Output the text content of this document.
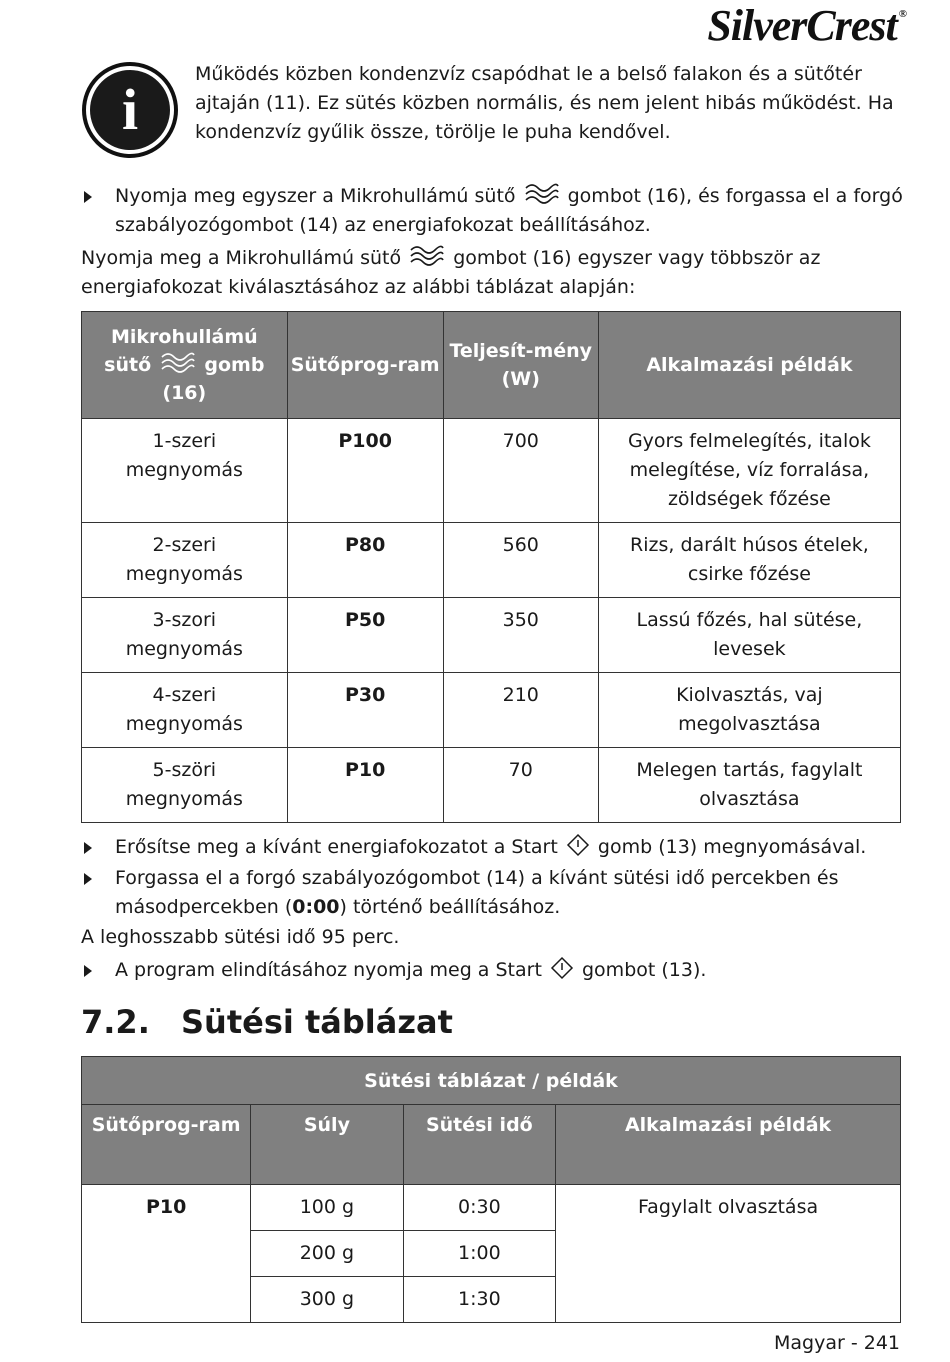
SilverCrest ®
i
Működés közben kondenzvíz csapódhat le a belső falakon és a sütőtér ajtaján (11). Ez sütés közben normális, és nem jelent hibás működést. Ha kondenzvíz gyűlik össze, törölje le puha kendővel.
Nyomja meg egyszer a Mikrohullámú sütő	gombot (16), és forgassa el a forgó szabályozógombot (14) az energiafokozat beállításához.
Nyomja meg a Mikrohullámú sütő	gombot (16) egyszer vagy többször az energiafokozat kiválasztásához az alábbi táblázat alapján:
Mikrohullámú
sütő gomb
(16)	Sütőprog-ram	Teljesít-mény (W)	Alkalmazási példák
1-szeri megnyomás	P100	700	Gyors felmelegítés, italok melegítése, víz forralása, zöldségek főzése
2-szeri megnyomás	P80	560	Rizs, darált húsos ételek, csirke főzése
3-szori megnyomás	P50	350	Lassú főzés, hal sütése, levesek
4-szeri megnyomás	P30	210	Kiolvasztás, vaj megolvasztása
5-szöri megnyomás	P10	70	Melegen tartás, fagylalt olvasztása
Erősítse meg a kívánt energiafokozatot a Start gomb (13) megnyomásával.
Forgassa el a forgó szabályozógombot (14) a kívánt sütési idő percekben és másodpercekben (0:00) történő beállításához.
A leghosszabb sütési idő 95 perc.
A program elindításához nyomja meg a Start gombot (13).
7.2. Sütési táblázat
Sütési táblázat / példák			
Sütőprog-ram	Súly	Sütési idő	Alkalmazási példák
P10	100 g	0:30	Fagylalt olvasztása
	200 g	1:00	
	300 g	1:30	
Magyar - 241
